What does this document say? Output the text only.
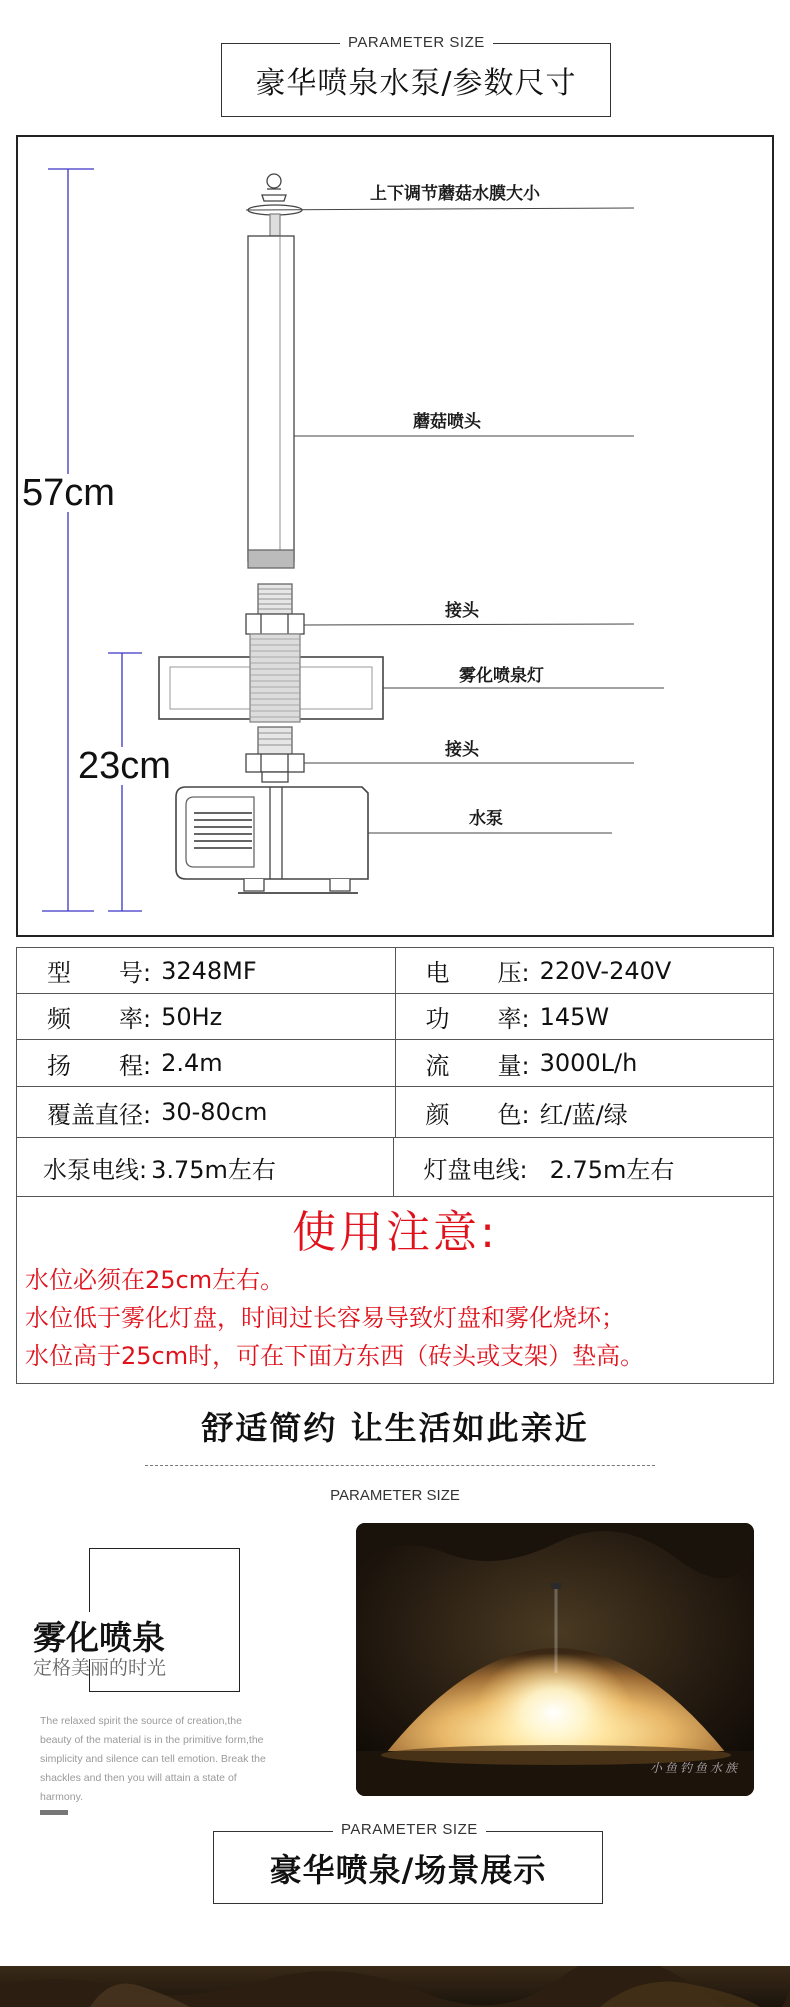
豪华喷泉水泵/参数尺寸
PARAMETER SIZE
上下调节蘑菇水膜大小
蘑菇喷头
接头
雾化喷泉灯
接头
水泵
57cm
23cm
型　　号: 3248MF	电　　压: 220V-240V
频　　率: 50Hz	功　　率: 145W
扬　　程: 2.4m	流　　量: 3000L/h
覆盖直径: 30-80cm	颜　　色: 红/蓝/绿
水泵电线: 3.75m左右	灯盘电线: 2.75m左右
使用注意:
水位必须在25cm左右。
水位低于雾化灯盘，时间过长容易导致灯盘和雾化烧坏；
水位高于25cm时，可在下面方东西（砖头或支架）垫高。
舒适简约 让生活如此亲近
PARAMETER SIZE
雾化喷泉
定格美丽的时光
The relaxed spirit the source of creation,the beauty of the material is in the primitive form,the simplicity and silence can tell emotion. Break the shackles and then you will attain a state of harmony.
小鱼钓鱼水族
豪华喷泉/场景展示
PARAMETER SIZE
